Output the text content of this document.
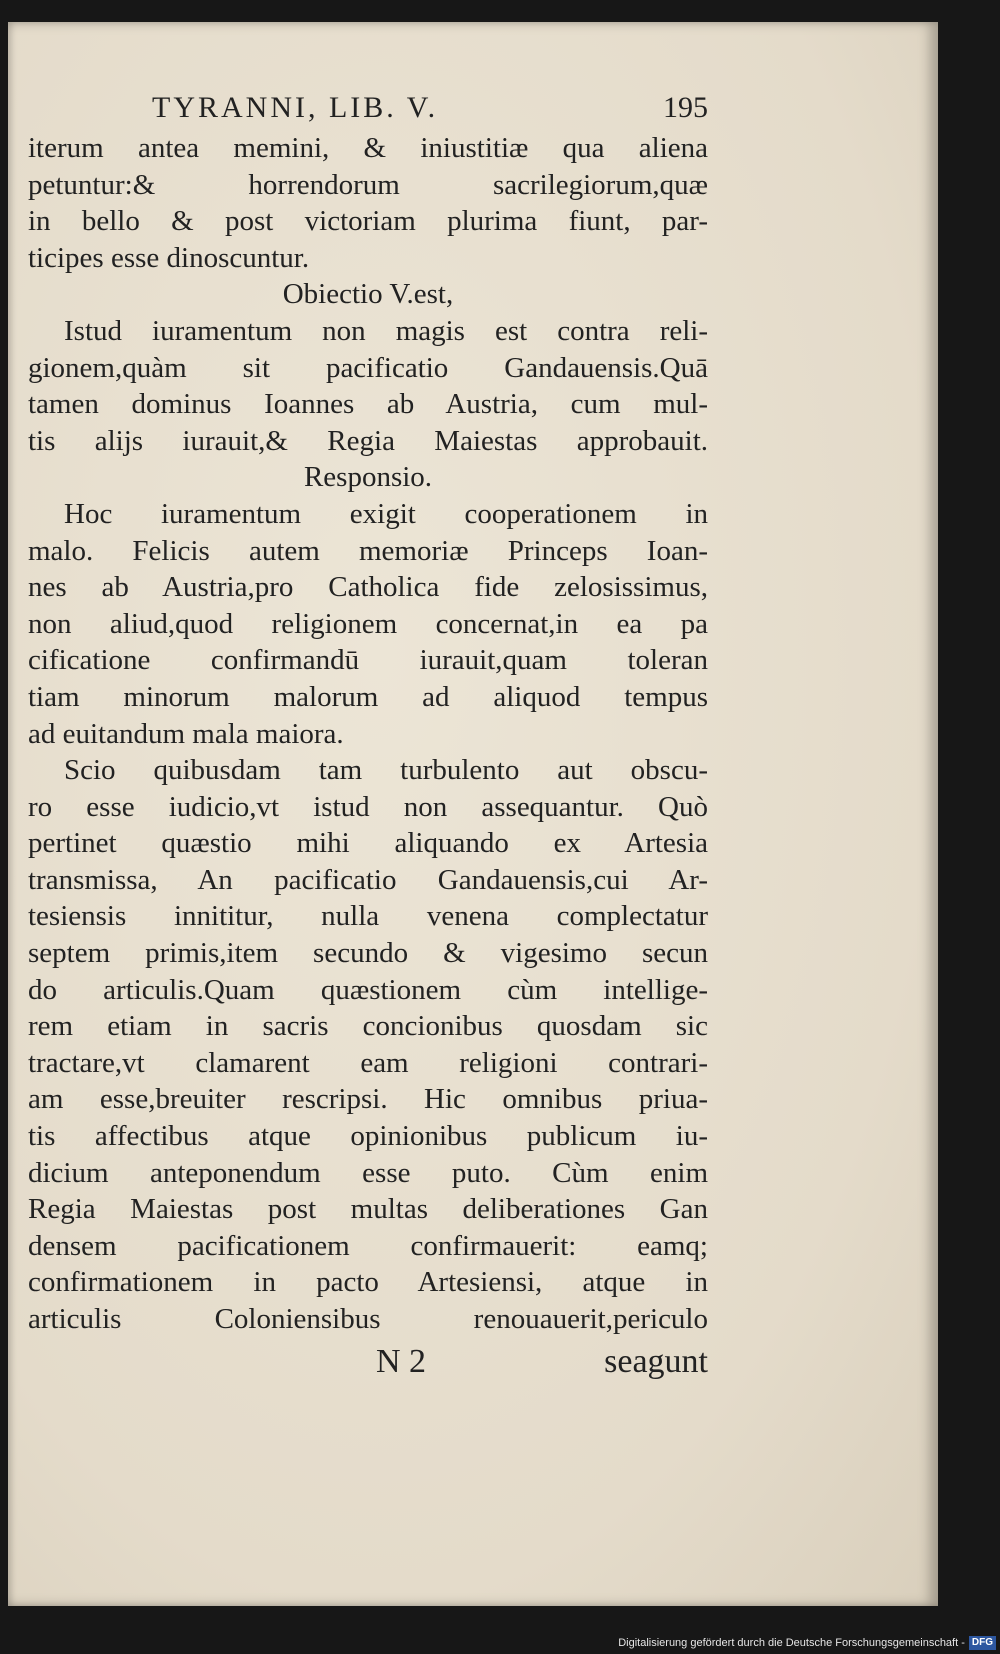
TYRANNI, LIB. V.	195
iterum antea memini, & iniustitiæ qua aliena
petuntur:& horrendorum sacrilegiorum,quæ
in bello & post victoriam plurima fiunt, par-
ticipes esse dinoscuntur.
Obiectio V.est,
Istud iuramentum non magis est contra reli-
gionem,quàm sit pacificatio Gandauensis.Quā
tamen dominus Ioannes ab Austria, cum mul-
tis alijs iurauit,& Regia Maiestas approbauit.
Responsio.
Hoc iuramentum exigit cooperationem in
malo. Felicis autem memoriæ Princeps Ioan-
nes ab Austria,pro Catholica fide zelosissimus,
non aliud,quod religionem concernat,in ea pa
cificatione confirmandū iurauit,quam toleran
tiam minorum malorum ad aliquod tempus
ad euitandum mala maiora.
Scio quibusdam tam turbulento aut obscu-
ro esse iudicio,vt istud non assequantur. Quò
pertinet quæstio mihi aliquando ex Artesia
transmissa, An pacificatio Gandauensis,cui Ar-
tesiensis innititur, nulla venena complectatur
septem primis,item secundo & vigesimo secun
do articulis.Quam quæstionem cùm intellige-
rem etiam in sacris concionibus quosdam sic
tractare,vt clamarent eam religioni contrari-
am esse,breuiter rescripsi. Hic omnibus priua-
tis affectibus atque opinionibus publicum iu-
dicium anteponendum esse puto. Cùm enim
Regia Maiestas post multas deliberationes Gan
densem pacificationem confirmauerit: eamq;
confirmationem in pacto Artesiensi, atque in
articulis Coloniensibus renouauerit,periculo
N 2	seagunt
Digitalisierung gefördert durch die Deutsche Forschungsgemeinschaft - DFG
